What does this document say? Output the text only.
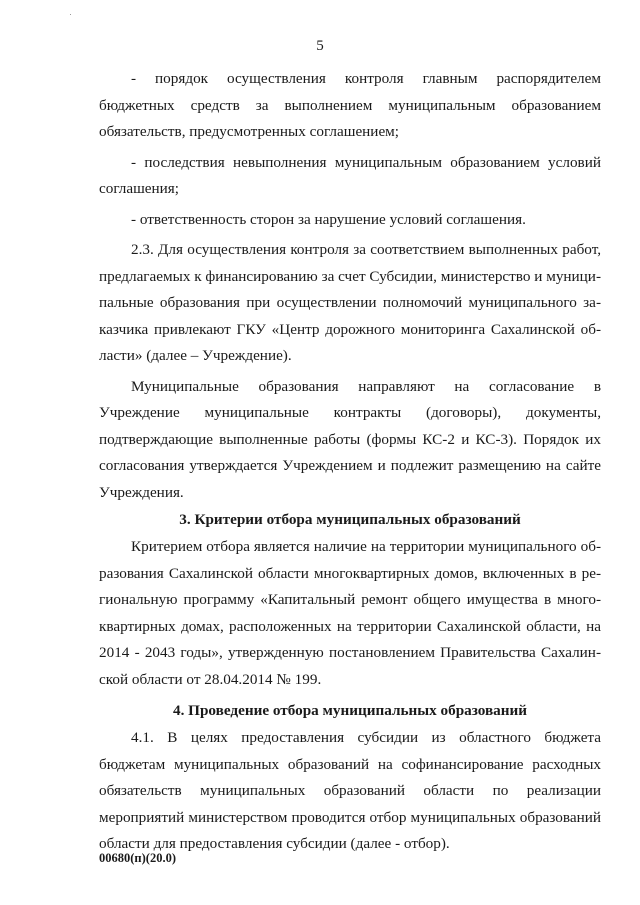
5

- порядок осуществления контроля главным распорядителем бюджетных средств за выполнением муниципальным образованием обязательств, предусмотренных соглашением;

- последствия невыполнения муниципальным образованием условий соглашения;

- ответственность сторон за нарушение условий соглашения.

2.3. Для осуществления контроля за соответствием выполненных работ, предлагаемых к финансированию за счет Субсидии, министерство и муниципальные образования при осуществлении полномочий муниципального заказчика привлекают ГКУ «Центр дорожного мониторинга Сахалинской области» (далее – Учреждение).

Муниципальные образования направляют на согласование в Учреждение муниципальные контракты (договоры), документы, подтверждающие выполненные работы (формы КС-2 и КС-3). Порядок их согласования утверждается Учреждением и подлежит размещению на сайте Учреждения.

3. Критерии отбора муниципальных образований

Критерием отбора является наличие на территории муниципального образования Сахалинской области многоквартирных домов, включенных в региональную программу «Капитальный ремонт общего имущества в многоквартирных домах, расположенных на территории Сахалинской области, на 2014 - 2043 годы», утвержденную постановлением Правительства Сахалинской области от 28.04.2014 № 199.

4. Проведение отбора муниципальных образований

4.1. В целях предоставления субсидии из областного бюджета бюджетам муниципальных образований на софинансирование расходных обязательств муниципальных образований области по реализации мероприятий министерством проводится отбор муниципальных образований области для предоставления субсидии (далее - отбор).

00680(п)(20.0)
